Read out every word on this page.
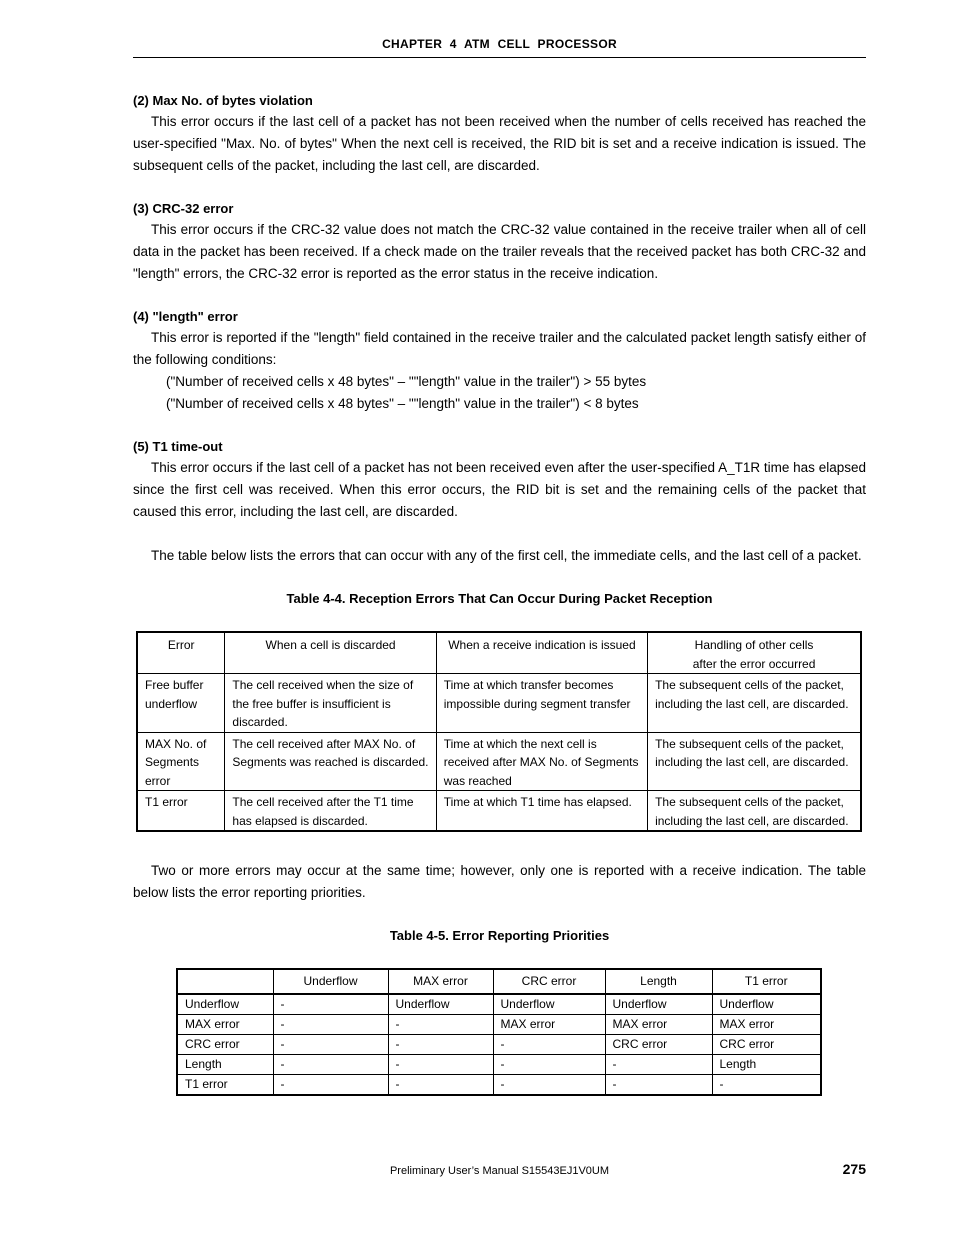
CHAPTER 4 ATM CELL PROCESSOR
(2) Max No. of bytes violation

This error occurs if the last cell of a packet has not been received when the number of cells received has reached the user-specified "Max. No. of bytes" When the next cell is received, the RID bit is set and a receive indication is issued. The subsequent cells of the packet, including the last cell, are discarded.

(3) CRC-32 error

This error occurs if the CRC-32 value does not match the CRC-32 value contained in the receive trailer when all of cell data in the packet has been received. If a check made on the trailer reveals that the received packet has both CRC-32 and "length" errors, the CRC-32 error is reported as the error status in the receive indication.

(4) "length" error

This error is reported if the "length" field contained in the receive trailer and the calculated packet length satisfy either of the following conditions:

("Number of received cells x 48 bytes" – ""length" value in the trailer") > 55 bytes
("Number of received cells x 48 bytes" – ""length" value in the trailer") < 8 bytes
(5) T1 time-out

This error occurs if the last cell of a packet has not been received even after the user-specified A_T1R time has elapsed since the first cell was received. When this error occurs, the RID bit is set and the remaining cells of the packet that caused this error, including the last cell, are discarded.

The table below lists the errors that can occur with any of the first cell, the immediate cells, and the last cell of a packet.

Table 4-4. Reception Errors That Can Occur During Packet Reception
Error	When a cell is discarded	When a receive indication is issued	Handling of other cells
after the error occurred
Free buffer underflow	The cell received when the size of the free buffer is insufficient is discarded.	Time at which transfer becomes impossible during segment transfer	The subsequent cells of the packet, including the last cell, are discarded.
MAX No. of Segments error	The cell received after MAX No. of Segments was reached is discarded.	Time at which the next cell is received after MAX No. of Segments was reached	The subsequent cells of the packet, including the last cell, are discarded.
T1 error	The cell received after the T1 time has elapsed is discarded.	Time at which T1 time has elapsed.	The subsequent cells of the packet, including the last cell, are discarded.

Two or more errors may occur at the same time; however, only one is reported with a receive indication. The table below lists the error reporting priorities.

Table 4-5. Error Reporting Priorities
	Underflow	MAX error	CRC error	Length	T1 error
Underflow	-	Underflow	Underflow	Underflow	Underflow
MAX error	-	-	MAX error	MAX error	MAX error
CRC error	-	-	-	CRC error	CRC error
Length	-	-	-	-	Length
T1 error	-	-	-	-	-
Preliminary User’s Manual S15543EJ1V0UM	275
